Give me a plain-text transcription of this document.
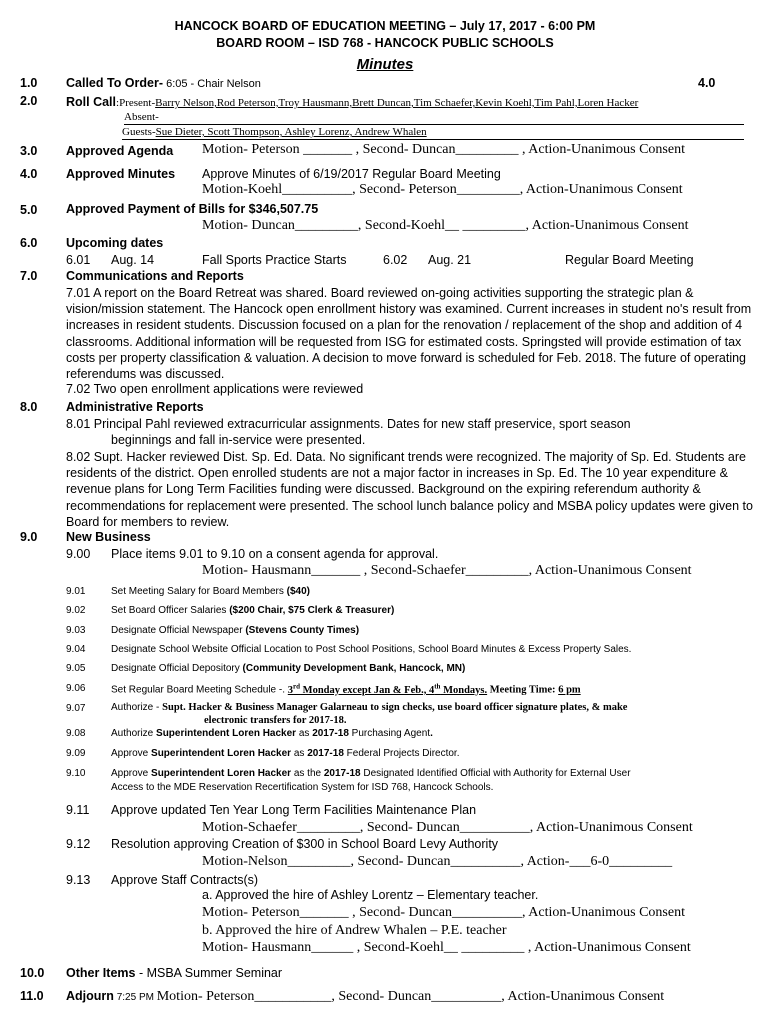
HANCOCK BOARD OF EDUCATION MEETING – July 17, 2017 - 6:00 PM
BOARD ROOM – ISD 768 - HANCOCK PUBLIC SCHOOLS
Minutes
1.0 Called To Order- 6:05 - Chair Nelson	4.0
2.0 Roll Call:Present-Barry Nelson,Rod Peterson,Troy Hausmann,Brett Duncan,Tim Schaefer,Kevin Koehl,Tim Pahl,Loren Hacker
Absent-
Guests-Sue Dieter, Scott Thompson, Ashley Lorenz, Andrew Whalen
3.0 Approved Agenda Motion- Peterson _______ , Second- Duncan_________ , Action-Unanimous Consent
4.0 Approved Minutes Approve Minutes of 6/19/2017 Regular Board Meeting
Motion-Koehl__________, Second- Peterson_________, Action-Unanimous Consent
5.0 Approved Payment of Bills for $346,507.75
Motion- Duncan_________, Second-Koehl__ _________, Action-Unanimous Consent
6.0 Upcoming dates
6.01 Aug. 14	Fall Sports Practice Starts	6.02 Aug. 21	Regular Board Meeting
7.0 Communications and Reports
7.01 A report on the Board Retreat was shared. Board reviewed on-going activities supporting the strategic plan & vision/mission statement. The Hancock open enrollment history was examined. Current increases in student no's result from increases in resident students. Discussion focused on a plan for the renovation / replacement of the shop and addition of 4 classrooms. Additional information will be requested from ISG for estimated costs. Springsted will provide estimation of tax costs per property classification & valuation. A decision to move forward is scheduled for Feb. 2018. The future of operating referendums was discussed.
7.02 Two open enrollment applications were reviewed
8.0 Administrative Reports
8.01 Principal Pahl reviewed extracurricular assignments. Dates for new staff preservice, sport season
beginnings and fall in-service were presented.
8.02 Supt. Hacker reviewed Dist. Sp. Ed. Data. No significant trends were recognized. The majority of Sp. Ed. Students are residents of the district. Open enrolled students are not a major factor in increases in Sp. Ed. The 10 year expenditure & revenue plans for Long Term Facilities funding were discussed. Background on the expiring referendum authority & recommendations for replacement were presented. The school lunch balance policy and MSBA policy updates were given to Board for members to review.
9.0 New Business
9.00 Place items 9.01 to 9.10 on a consent agenda for approval.
Motion- Hausmann_______ , Second-Schaefer_________, Action-Unanimous Consent
9.01	Set Meeting Salary for Board Members ($40)
9.02	Set Board Officer Salaries ($200 Chair, $75 Clerk & Treasurer)
9.03	Designate Official Newspaper (Stevens County Times)
9.04	Designate School Website Official Location to Post School Positions, School Board Minutes & Excess Property Sales.
9.05	Designate Official Depository (Community Development Bank, Hancock, MN)
9.06	Set Regular Board Meeting Schedule -. 3rd Monday except Jan & Feb., 4th Mondays. Meeting Time: 6 pm
9.07	Authorize - Supt. Hacker & Business Manager Galarneau to sign checks, use board officer signature plates, & make
electronic transfers for 2017-18.
9.08	Authorize Superintendent Loren Hacker as 2017-18 Purchasing Agent.
9.09	Approve Superintendent Loren Hacker as 2017-18 Federal Projects Director.
9.10	Approve Superintendent Loren Hacker as the 2017-18 Designated Identified Official with Authority for External User
Access to the MDE Reservation Recertification System for ISD 768, Hancock Schools.
9.11 Approve updated Ten Year Long Term Facilities Maintenance Plan
Motion-Schaefer_________, Second- Duncan__________, Action-Unanimous Consent
9.12 Resolution approving Creation of $300 in School Board Levy Authority
Motion-Nelson_________, Second- Duncan__________, Action-___6-0_________
9.13 Approve Staff Contracts(s)
a. Approved the hire of Ashley Lorentz – Elementary teacher.
Motion- Peterson_______ , Second- Duncan__________, Action-Unanimous Consent
b. Approved the hire of Andrew Whalen – P.E. teacher
Motion- Hausmann______ , Second-Koehl__ _________ , Action-Unanimous Consent
10.0 Other Items - MSBA Summer Seminar
11.0 Adjourn 7:25 PM Motion- Peterson___________, Second- Duncan__________, Action-Unanimous Consent
